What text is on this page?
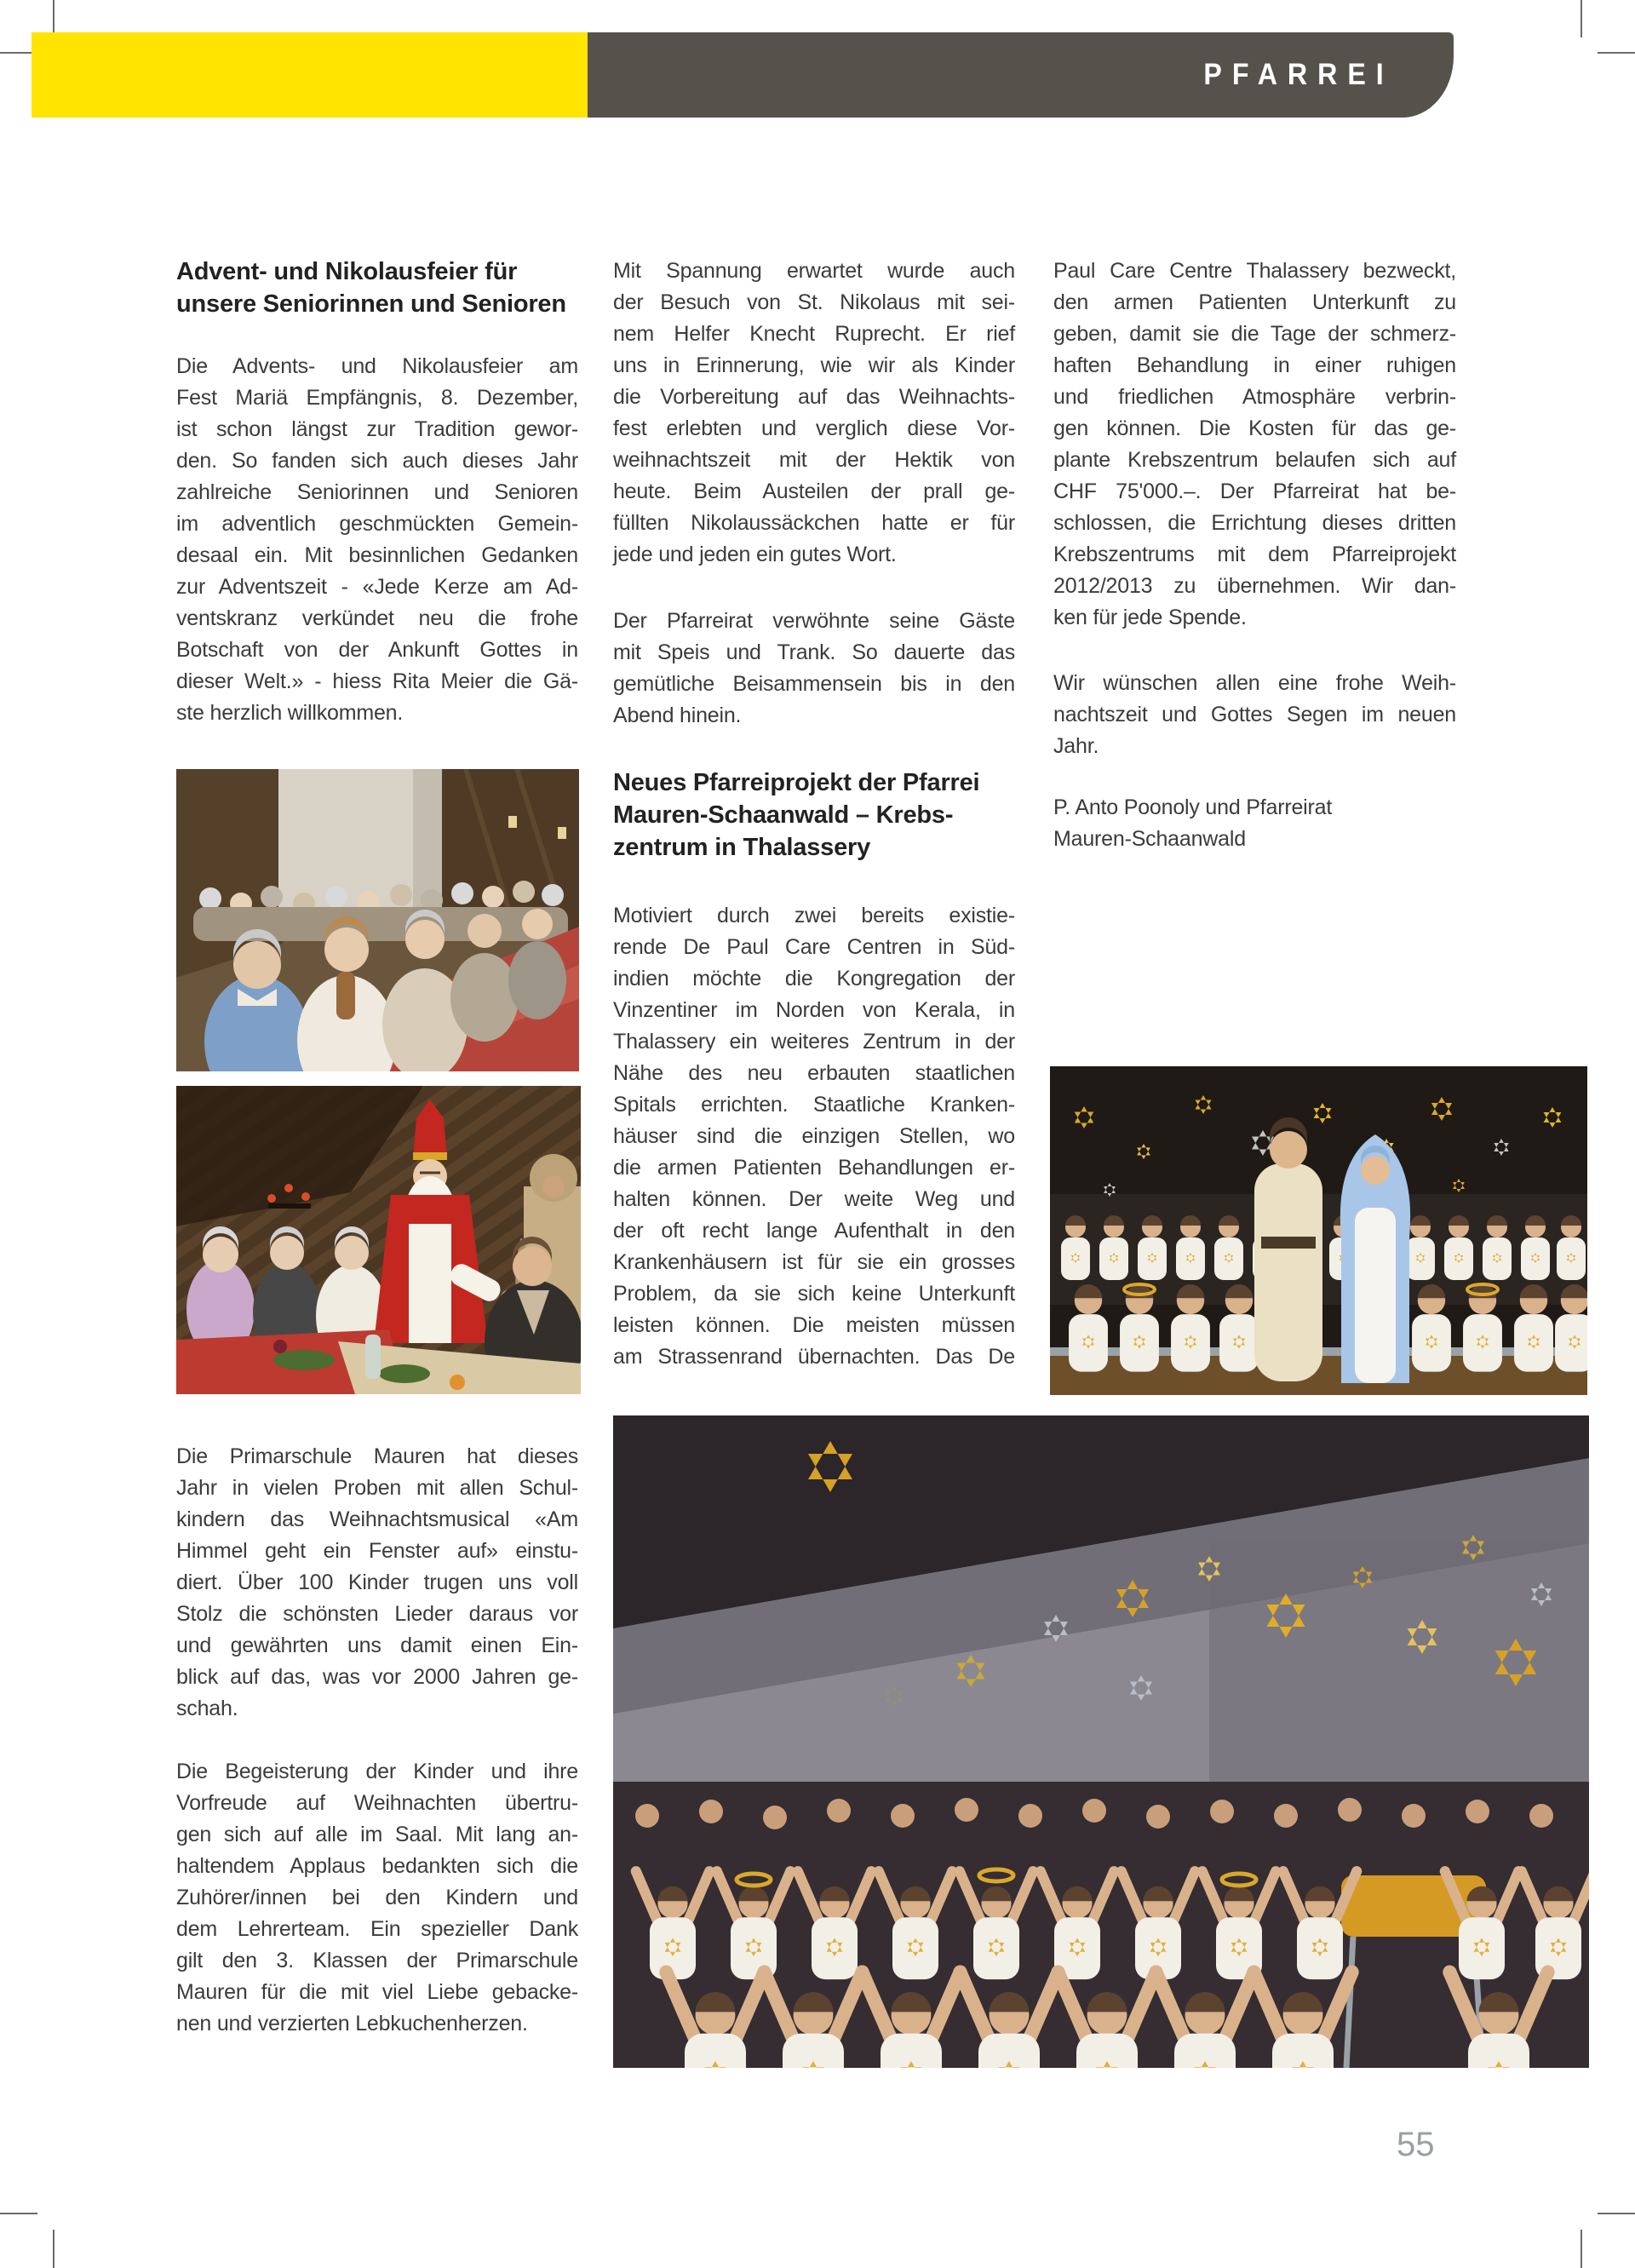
PFARREI
Advent- und Nikolausfeier für
unsere Seniorinnen und Senioren
Die Advents- und Nikolausfeier am
Fest Mariä Empfängnis, 8. Dezember,
ist schon längst zur Tradition gewor-
den. So fanden sich auch dieses Jahr
zahlreiche Seniorinnen und Senioren
im adventlich geschmückten Gemein-
desaal ein. Mit besinnlichen Gedanken
zur Adventszeit - «Jede Kerze am Ad-
ventskranz verkündet neu die frohe
Botschaft von der Ankunft Gottes in
dieser Welt.» - hiess Rita Meier die Gä-
ste herzlich willkommen.
Die Primarschule Mauren hat dieses
Jahr in vielen Proben mit allen Schul-
kindern das Weihnachtsmusical «Am
Himmel geht ein Fenster auf» einstu-
diert. Über 100 Kinder trugen uns voll
Stolz die schönsten Lieder daraus vor
und gewährten uns damit einen Ein-
blick auf das, was vor 2000 Jahren ge-
schah.
Die Begeisterung der Kinder und ihre
Vorfreude auf Weihnachten übertru-
gen sich auf alle im Saal. Mit lang an-
haltendem Applaus bedankten sich die
Zuhörer/innen bei den Kindern und
dem Lehrerteam. Ein spezieller Dank
gilt den 3. Klassen der Primarschule
Mauren für die mit viel Liebe gebacke-
nen und verzierten Lebkuchenherzen.
Mit Spannung erwartet wurde auch
der Besuch von St. Nikolaus mit sei-
nem Helfer Knecht Ruprecht. Er rief
uns in Erinnerung, wie wir als Kinder
die Vorbereitung auf das Weihnachts-
fest erlebten und verglich diese Vor-
weihnachtszeit mit der Hektik von
heute. Beim Austeilen der prall ge-
füllten Nikolaussäckchen hatte er für
jede und jeden ein gutes Wort.
Der Pfarreirat verwöhnte seine Gäste
mit Speis und Trank. So dauerte das
gemütliche Beisammensein bis in den
Abend hinein.
Neues Pfarreiprojekt der Pfarrei
Mauren-Schaanwald – Krebs-
zentrum in Thalassery
Motiviert durch zwei bereits existie-
rende De Paul Care Centren in Süd-
indien möchte die Kongregation der
Vinzentiner im Norden von Kerala, in
Thalassery ein weiteres Zentrum in der
Nähe des neu erbauten staatlichen
Spitals errichten. Staatliche Kranken-
häuser sind die einzigen Stellen, wo
die armen Patienten Behandlungen er-
halten können. Der weite Weg und
der oft recht lange Aufenthalt in den
Krankenhäusern ist für sie ein grosses
Problem, da sie sich keine Unterkunft
leisten können. Die meisten müssen
am Strassenrand übernachten. Das De
Paul Care Centre Thalassery bezweckt,
den armen Patienten Unterkunft zu
geben, damit sie die Tage der schmerz-
haften Behandlung in einer ruhigen
und friedlichen Atmosphäre verbrin-
gen können. Die Kosten für das ge-
plante Krebszentrum belaufen sich auf
CHF 75'000.–. Der Pfarreirat hat be-
schlossen, die Errichtung dieses dritten
Krebszentrums mit dem Pfarreiprojekt
2012/2013 zu übernehmen. Wir dan-
ken für jede Spende.
Wir wünschen allen eine frohe Weih-
nachtszeit und Gottes Segen im neuen
Jahr.
P. Anto Poonoly und Pfarreirat
Mauren-Schaanwald
55
